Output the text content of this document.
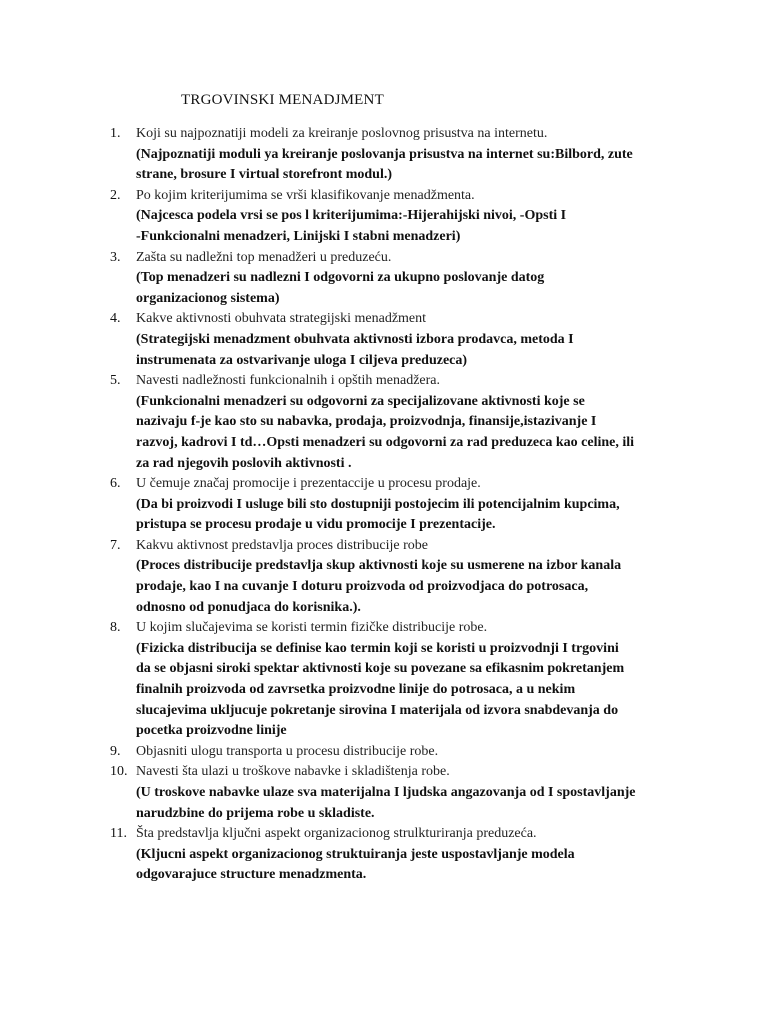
TRGOVINSKI MENADJMENT
1.	Koji su najpoznatiji modeli za kreiranje poslovnog prisustva na internetu.
(Najpoznatiji moduli ya kreiranje poslovanja prisustva na internet su:Bilbord, zute
strane, brosure I virtual storefront modul.)
2.	Po kojim kriterijumima se vrši klasifikovanje menadžmenta.
(Najcesca podela vrsi se pos l kriterijumima:-Hijerahijski nivoi, -Opsti I
-Funkcionalni menadzeri, Linijski I stabni menadzeri)
3.	Zašta su nadležni top menadžeri u preduzeću.
(Top menadzeri su nadlezni I odgovorni za ukupno poslovanje datog
organizacionog sistema)
4.	Kakve aktivnosti obuhvata strategijski menadžment
(Strategijski menadzment obuhvata aktivnosti izbora prodavca, metoda I
instrumenata za ostvarivanje uloga I ciljeva preduzeca)
5.	Navesti nadležnosti funkcionalnih i opštih menadžera.
(Funkcionalni menadzeri su odgovorni za specijalizovane aktivnosti koje se
nazivaju f-je kao sto su nabavka, prodaja, proizvodnja, finansije,istazivanje I
razvoj, kadrovi I td…Opsti menadzeri su odgovorni za rad preduzeca kao celine, ili
za rad njegovih poslovih aktivnosti .
6.	U čemuje značaj promocije i prezentaccije u procesu prodaje.
(Da bi proizvodi I usluge bili sto dostupniji postojecim ili potencijalnim kupcima,
pristupa se procesu prodaje u vidu promocije I prezentacije.
7.	Kakvu aktivnost predstavlja proces distribucije robe
(Proces distribucije predstavlja skup aktivnosti koje su usmerene na izbor kanala
prodaje, kao I na cuvanje I doturu proizvoda od proizvodjaca do potrosaca,
odnosno od ponudjaca do korisnika.).
8.	U kojim slučajevima se koristi termin fizičke distribucije robe.
(Fizicka distribucija se definise kao termin koji se koristi u proizvodnji I trgovini
da se objasni siroki spektar aktivnosti koje su povezane sa efikasnim pokretanjem
finalnih proizvoda od zavrsetka proizvodne linije do potrosaca, a u nekim
slucajevima ukljucuje pokretanje sirovina I materijala od izvora snabdevanja do
pocetka proizvodne linije
9.	Objasniti ulogu transporta u procesu distribucije robe.
10. Navesti šta ulazi u troškove nabavke i skladištenja robe.
(U troskove nabavke ulaze sva materijalna I ljudska angazovanja od I spostavljanje
narudzbine do prijema robe u skladiste.
11. Šta predstavlja ključni aspekt organizacionog strulkturiranja preduzeća.
(Kljucni aspekt organizacionog struktuiranja jeste uspostavljanje modela
odgovarajuce structure menadzmenta.
